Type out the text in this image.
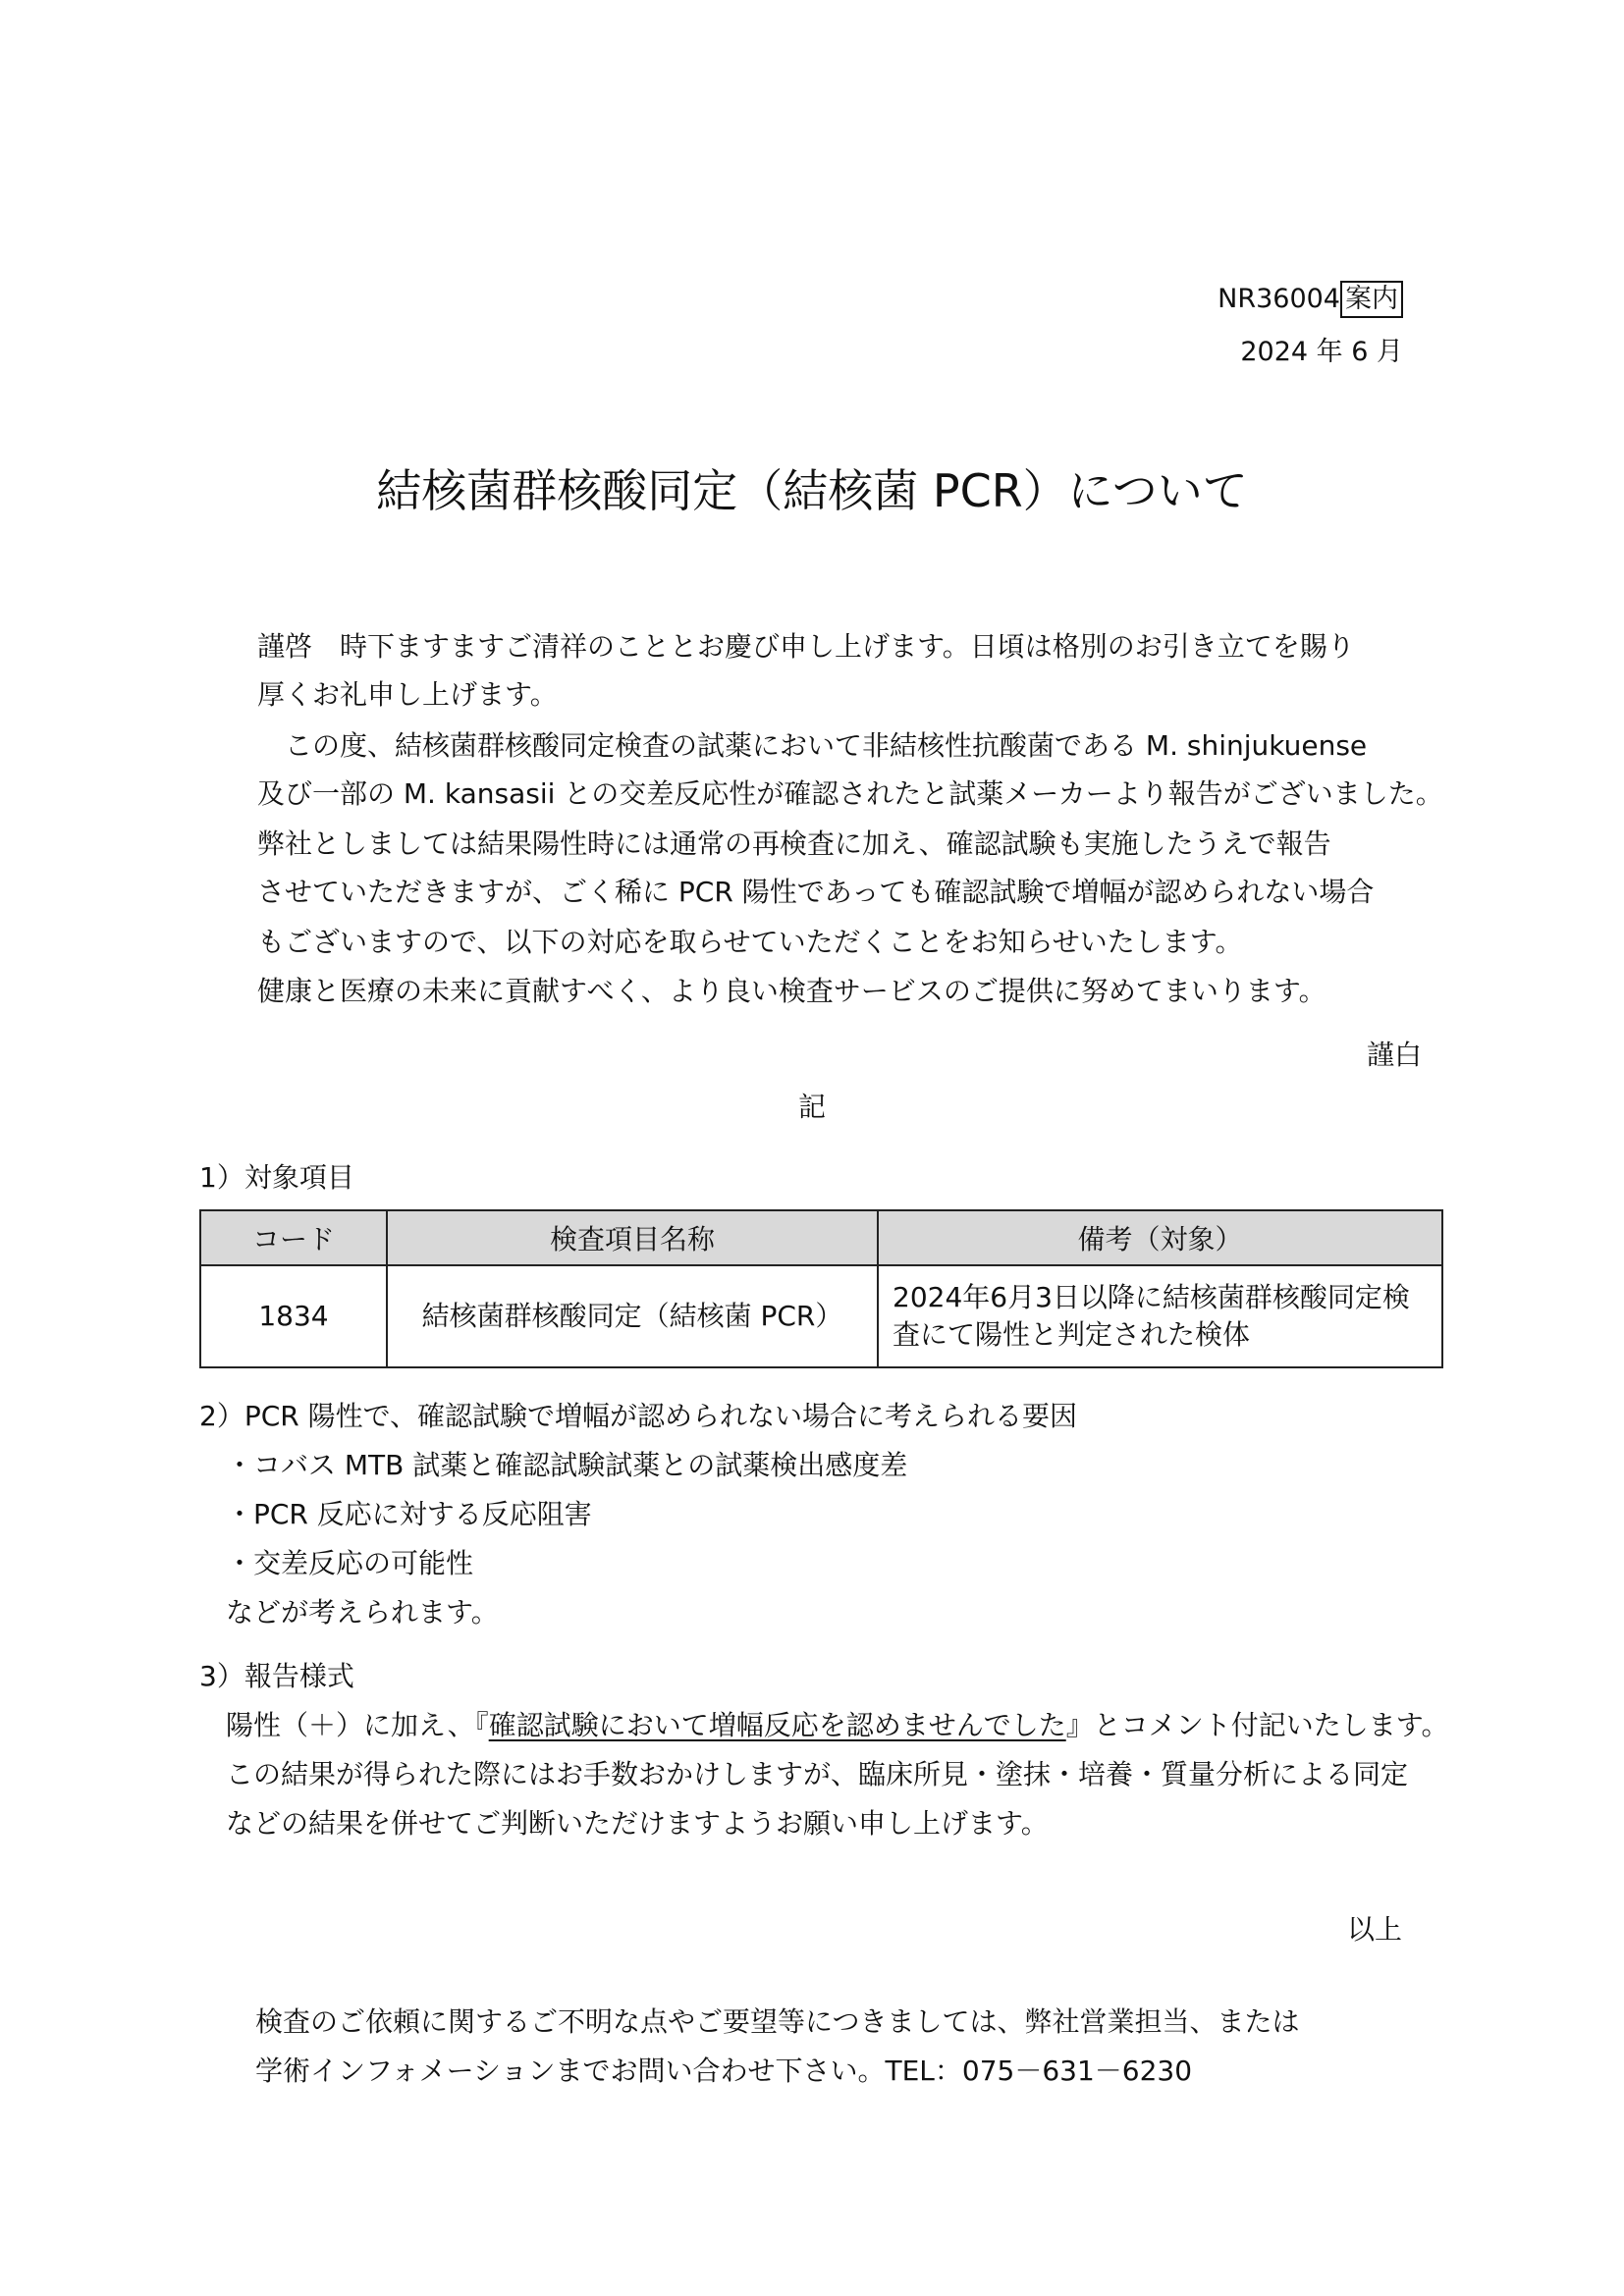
NR36004 案内
2024 年 6 月
結核菌群核酸同定（結核菌 PCR）について
謹啓　時下ますますご清祥のこととお慶び申し上げます。日頃は格別のお引き立てを賜り
厚くお礼申し上げます。
　この度、結核菌群核酸同定検査の試薬において非結核性抗酸菌である M. shinjukuense
及び一部の M. kansasii との交差反応性が確認されたと試薬メーカーより報告がございました。
弊社としましては結果陽性時には通常の再検査に加え、確認試験も実施したうえで報告
させていただきますが、ごく稀に PCR 陽性であっても確認試験で増幅が認められない場合
もございますので、以下の対応を取らせていただくことをお知らせいたします。
健康と医療の未来に貢献すべく、より良い検査サービスのご提供に努めてまいります。
謹白
記
1）対象項目
コード	検査項目名称	備考（対象）
1834	結核菌群核酸同定（結核菌 PCR）	2024年6月3日以降に結核菌群核酸同定検査にて陽性と判定された検体
2）PCR 陽性で、確認試験で増幅が認められない場合に考えられる要因
・コバス MTB 試薬と確認試験試薬との試薬検出感度差
・PCR 反応に対する反応阻害
・交差反応の可能性
などが考えられます。
3）報告様式
陽性（＋）に加え、『確認試験において増幅反応を認めませんでした』とコメント付記いたします。
この結果が得られた際にはお手数おかけしますが、臨床所見・塗抹・培養・質量分析による同定
などの結果を併せてご判断いただけますようお願い申し上げます。
以上
検査のご依頼に関するご不明な点やご要望等につきましては、弊社営業担当、または
学術インフォメーションまでお問い合わせ下さい。TEL：075－631－6230
